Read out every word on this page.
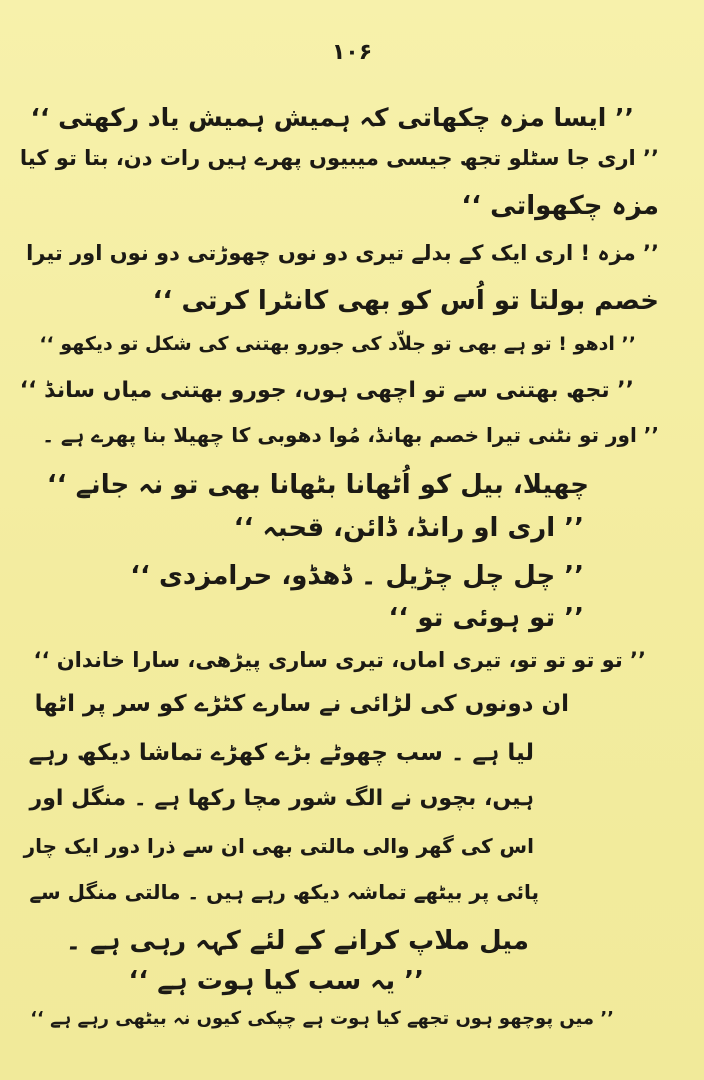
۱۰۶
’’ ایسا مزہ چکھاتی کہ ہمیش ہمیش یاد رکھتی ‘‘
’’ اری جا سٹلو تجھ جیسی میبیوں پھرے ہیں رات دن، بتا تو کیا
مزہ چکھواتی ‘‘
’’ مزہ ! اری ایک کے بدلے تیری دو نوں چھوڑتی دو نوں اور تیرا
خصم بولتا تو اُس کو بھی کانٹرا کرتی ‘‘
’’ ادھو ! تو ہے بھی تو جلاّد کی جورو بھتنی کی شکل تو دیکھو ‘‘
’’ تجھ بھتنی سے تو اچھی ہوں، جورو بھتنی میاں سانڈ ‘‘
’’ اور تو نٹنی تیرا خصم بھانڈ، مُوا دھوبی کا چھیلا بنا پھرے ہے ۔
چھیلا، بیل کو اُٹھانا بٹھانا بھی تو نہ جانے ‘‘
’’ اری او رانڈ، ڈائن، قحبہ ‘‘
’’ چل چل چڑیل ۔ ڈھڈو، حرامزدی ‘‘
’’ تو ہوئی تو ‘‘
’’ تو تو تو تو، تیری اماں، تیری ساری پیڑھی، سارا خاندان ‘‘
ان دونوں کی لڑائی نے سارے کٹڑے کو سر پر اٹھا
لیا ہے ۔ سب چھوٹے بڑے کھڑے تماشا دیکھ رہے
ہیں، بچوں نے الگ شور مچا رکھا ہے ۔ منگل اور
اس کی گھر والی مالتی بھی ان سے ذرا دور ایک چار
پائی پر بیٹھے تماشہ دیکھ رہے ہیں ۔ مالتی منگل سے
میل ملاپ کرانے کے لئے کہہ رہی ہے ۔
’’ یہ سب کیا ہوت ہے ‘‘
’’ میں پوچھو ہوں تجھے کیا ہوت ہے چپکی کیوں نہ بیٹھی رہے ہے ‘‘
